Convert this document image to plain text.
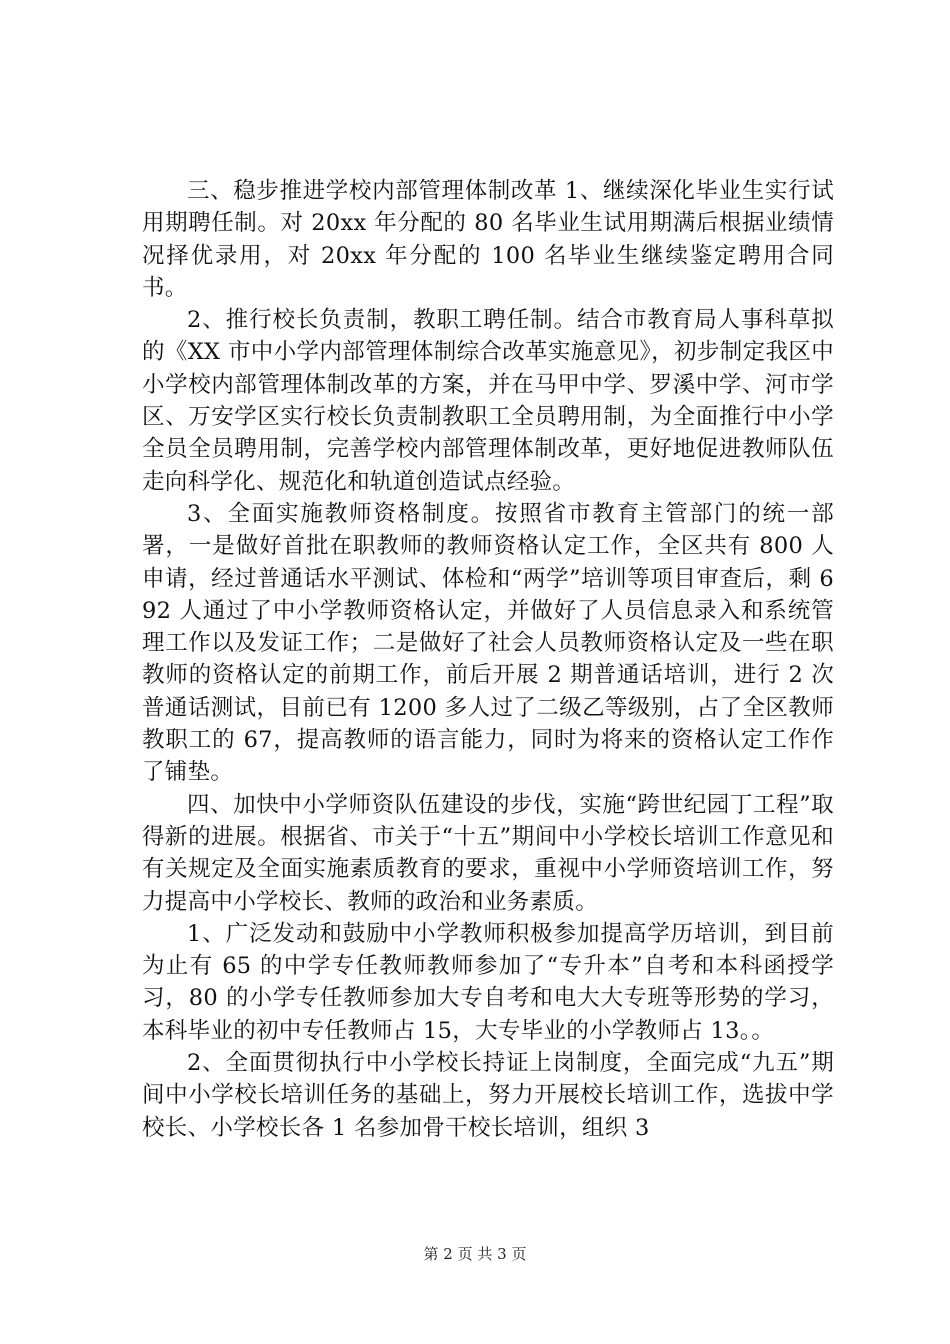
三、稳步推进学校内部管理体制改革 1、继续深化毕业生实行试用期聘任制。对 20xx 年分配的 80 名毕业生试用期满后根据业绩情况择优录用，对 20xx 年分配的 100 名毕业生继续鉴定聘用合同书。

2、推行校长负责制，教职工聘任制。结合市教育局人事科草拟的《XX 市中小学内部管理体制综合改革实施意见》，初步制定我区中小学校内部管理体制改革的方案，并在马甲中学、罗溪中学、河市学区、万安学区实行校长负责制教职工全员聘用制，为全面推行中小学全员全员聘用制，完善学校内部管理体制改革，更好地促进教师队伍走向科学化、规范化和轨道创造试点经验。

3、全面实施教师资格制度。按照省市教育主管部门的统一部署，一是做好首批在职教师的教师资格认定工作，全区共有 800 人申请，经过普通话水平测试、体检和“两学”培训等项目审查后，剩 692 人通过了中小学教师资格认定，并做好了人员信息录入和系统管理工作以及发证工作；二是做好了社会人员教师资格认定及一些在职教师的资格认定的前期工作，前后开展 2 期普通话培训，进行 2 次普通话测试，目前已有 1200 多人过了二级乙等级别，占了全区教师教职工的 67，提高教师的语言能力，同时为将来的资格认定工作作了铺垫。

四、加快中小学师资队伍建设的步伐，实施“跨世纪园丁工程”取得新的进展。根据省、市关于“十五”期间中小学校长培训工作意见和有关规定及全面实施素质教育的要求，重视中小学师资培训工作，努力提高中小学校长、教师的政治和业务素质。

1、广泛发动和鼓励中小学教师积极参加提高学历培训，到目前为止有 65 的中学专任教师教师参加了“专升本”自考和本科函授学习，80 的小学专任教师参加大专自考和电大大专班等形势的学习，本科毕业的初中专任教师占 15，大专毕业的小学教师占 13。。

2、全面贯彻执行中小学校长持证上岗制度，全面完成“九五”期间中小学校长培训任务的基础上，努力开展校长培训工作，选拔中学校长、小学校长各 1 名参加骨干校长培训，组织 3

第 2 页 共 3 页
